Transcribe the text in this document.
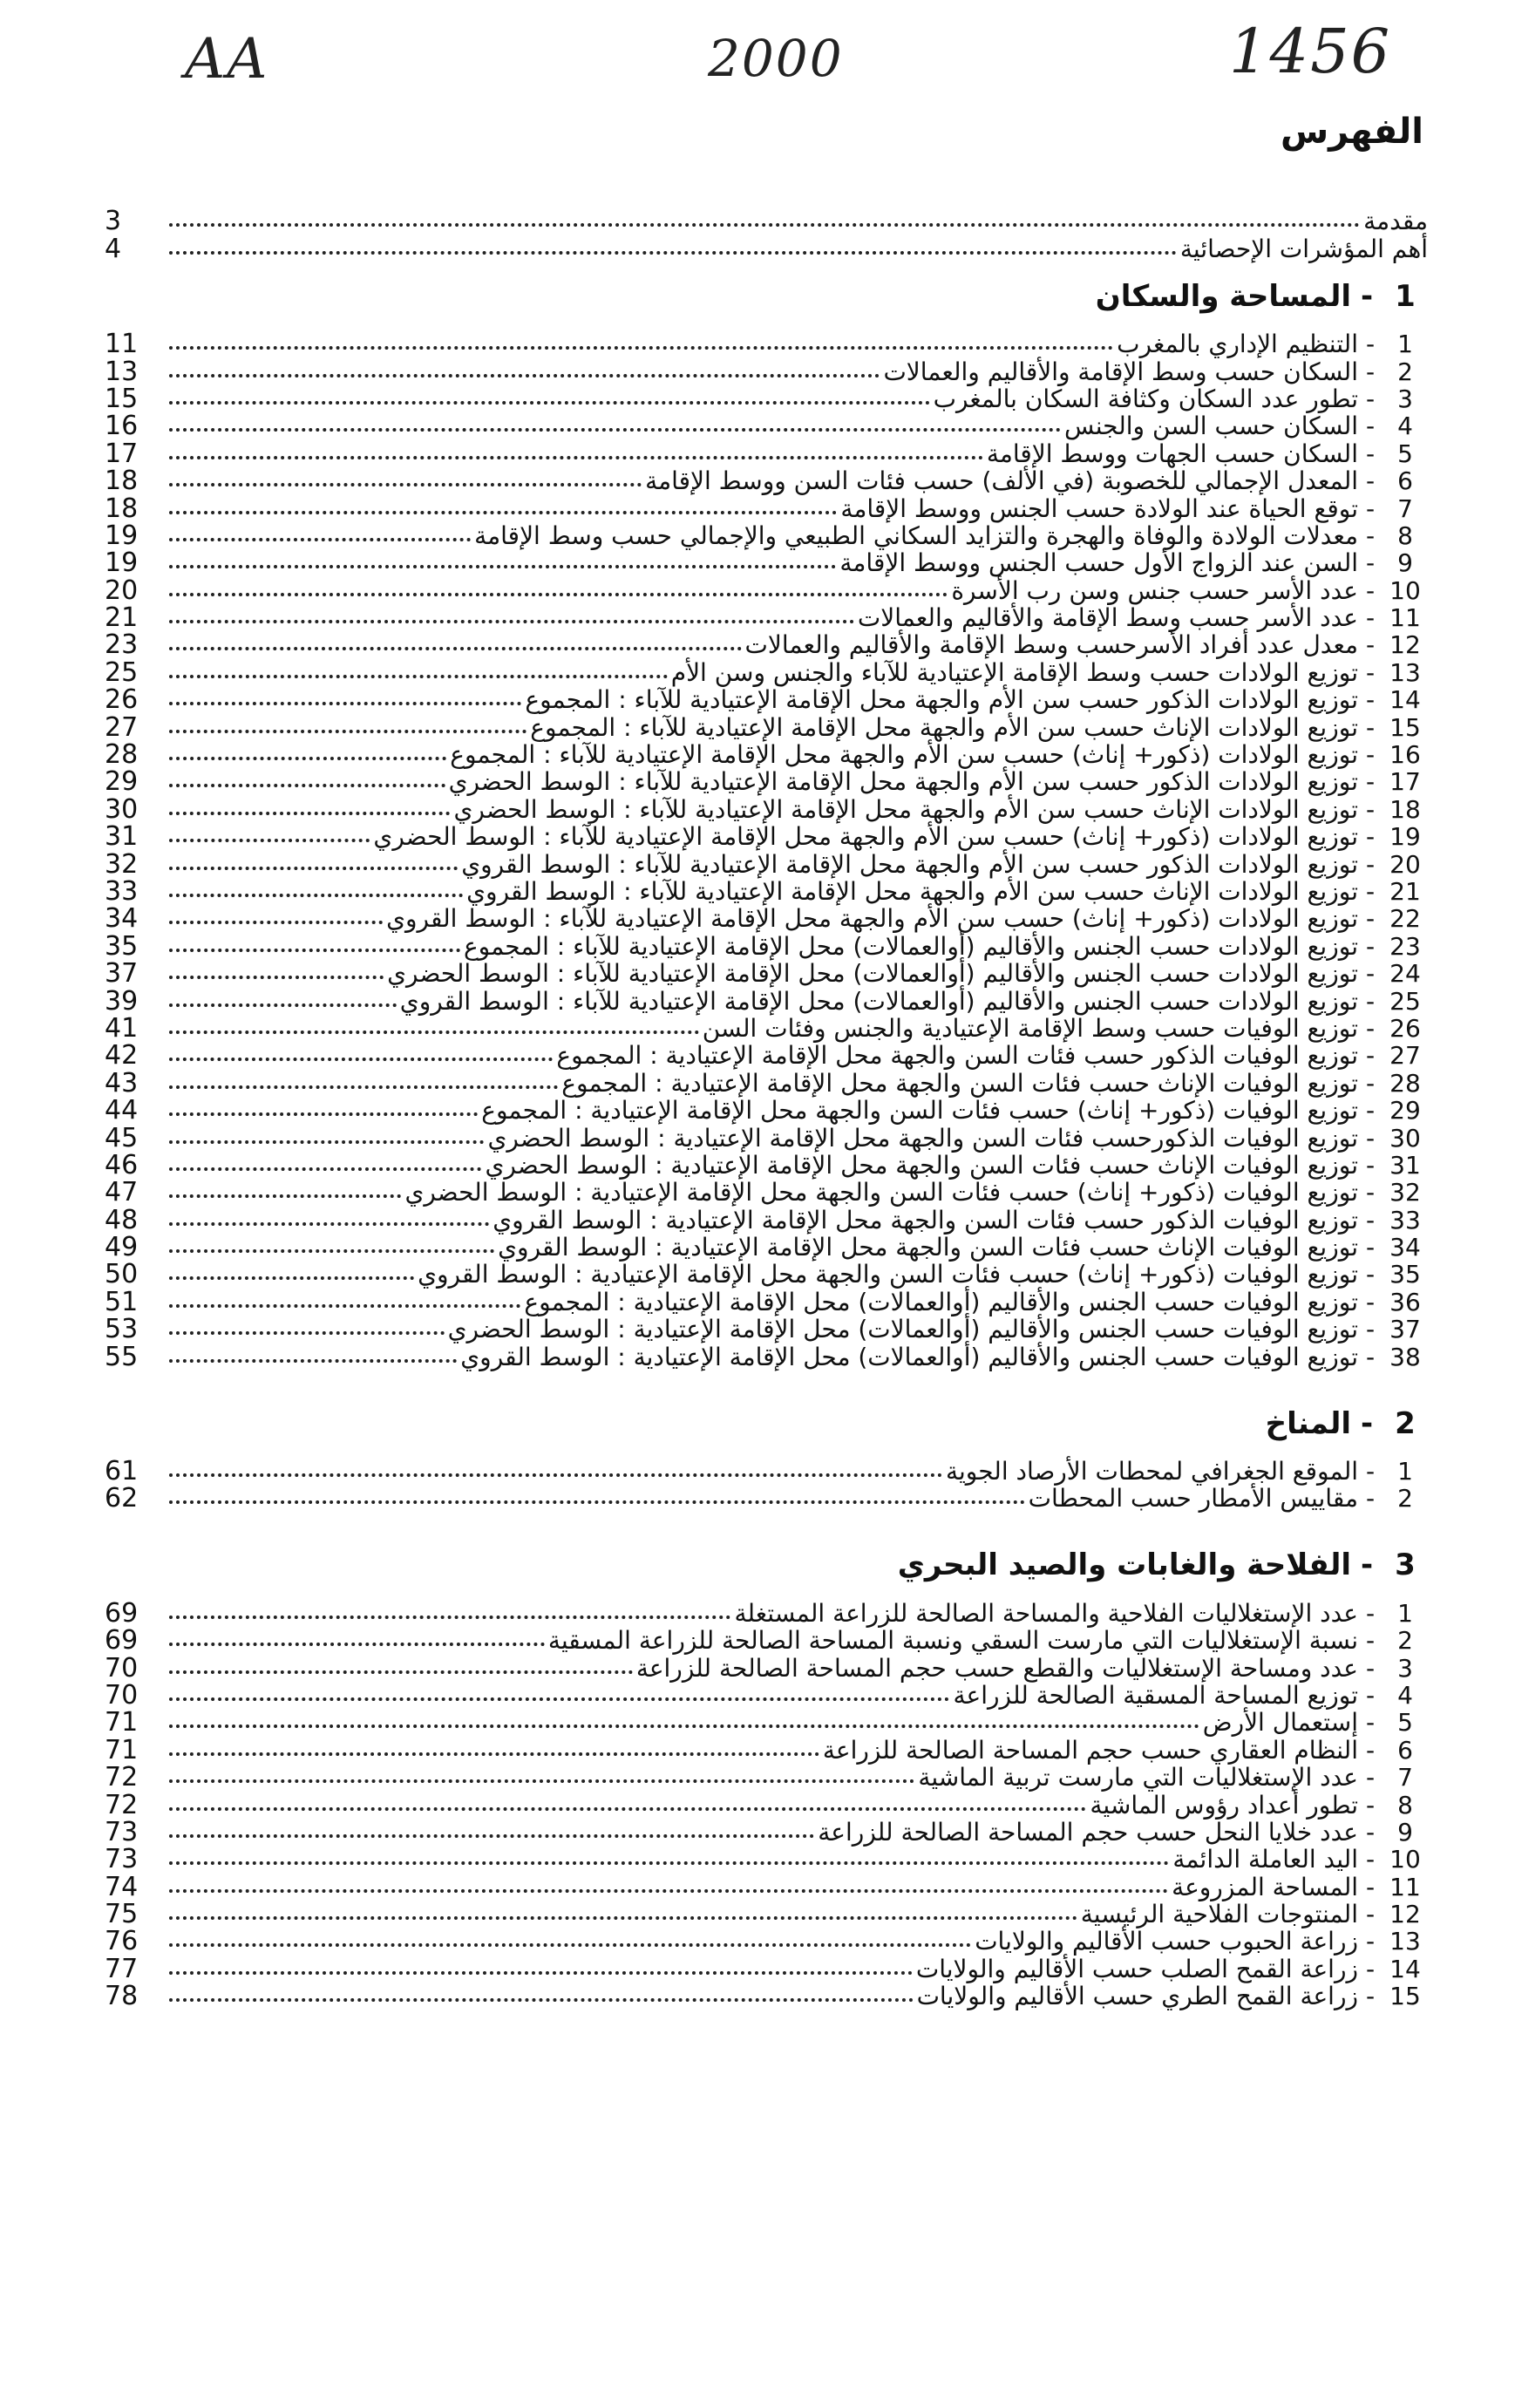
AA	2000	1456
الفهرس
مقدمة
3
أهم المؤشرات الإحصائية
4
1
-
المساحة والسكان
1
-
التنظيم الإداري بالمغرب
11
2
-
السكان حسب وسط الإقامة والأقاليم والعمالات
13
3
-
تطور عدد السكان وكثافة السكان بالمغرب
15
4
-
السكان حسب السن والجنس
16
5
-
السكان حسب الجهات ووسط الإقامة
17
6
-
المعدل الإجمالي للخصوبة (في الألف) حسب فئات السن ووسط الإقامة
18
7
-
توقع الحياة عند الولادة حسب الجنس ووسط الإقامة
18
8
-
معدلات الولادة والوفاة والهجرة والتزايد السكاني الطبيعي والإجمالي حسب وسط الإقامة
19
9
-
السن عند الزواج الأول حسب الجنس ووسط الإقامة
19
10
-
عدد الأسر حسب جنس وسن رب الأسرة
20
11
-
عدد الأسر حسب وسط الإقامة والأقاليم والعمالات
21
12
-
معدل عدد أفراد الأسرحسب وسط الإقامة والأقاليم والعمالات
23
13
-
توزيع الولادات حسب وسط الإقامة الإعتيادية للآباء والجنس وسن الأم
25
14
-
توزيع الولادات الذكور حسب سن الأم والجهة محل الإقامة الإعتيادية للآباء : المجموع
26
15
-
توزيع الولادات الإناث حسب سن الأم والجهة محل الإقامة الإعتيادية للآباء : المجموع
27
16
-
توزيع الولادات (ذكور+ إناث) حسب سن الأم والجهة محل الإقامة الإعتيادية للآباء : المجموع
28
17
-
توزيع الولادات الذكور حسب سن الأم والجهة محل الإقامة الإعتيادية للآباء : الوسط الحضري
29
18
-
توزيع الولادات الإناث حسب سن الأم والجهة محل الإقامة الإعتيادية للآباء : الوسط الحضري
30
19
-
توزيع الولادات (ذكور+ إناث) حسب سن الأم والجهة محل الإقامة الإعتيادية للآباء : الوسط الحضري
31
20
-
توزيع الولادات الذكور حسب سن الأم والجهة محل الإقامة الإعتيادية للآباء : الوسط القروي
32
21
-
توزيع الولادات الإناث حسب سن الأم والجهة محل الإقامة الإعتيادية للآباء : الوسط القروي
33
22
-
توزيع الولادات (ذكور+ إناث) حسب سن الأم والجهة محل الإقامة الإعتيادية للآباء : الوسط القروي
34
23
-
توزيع الولادات حسب الجنس والأقاليم (أوالعمالات) محل الإقامة الإعتيادية للآباء : المجموع
35
24
-
توزيع الولادات حسب الجنس والأقاليم (أوالعمالات) محل الإقامة الإعتيادية للآباء : الوسط الحضري
37
25
-
توزيع الولادات حسب الجنس والأقاليم (أوالعمالات) محل الإقامة الإعتيادية للآباء : الوسط القروي
39
26
-
توزيع الوفيات حسب وسط الإقامة الإعتيادية والجنس وفئات السن
41
27
-
توزيع الوفيات الذكور حسب فئات السن والجهة محل الإقامة الإعتيادية : المجموع
42
28
-
توزيع الوفيات الإناث حسب فئات السن والجهة محل الإقامة الإعتيادية : المجموع
43
29
-
توزيع الوفيات (ذكور+ إناث) حسب فئات السن والجهة محل الإقامة الإعتيادية : المجموع
44
30
-
توزيع الوفيات الذكورحسب فئات السن والجهة محل الإقامة الإعتيادية : الوسط الحضري
45
31
-
توزيع الوفيات الإناث حسب فئات السن والجهة محل الإقامة الإعتيادية : الوسط الحضري
46
32
-
توزيع الوفيات (ذكور+ إناث) حسب فئات السن والجهة محل الإقامة الإعتيادية : الوسط الحضري
47
33
-
توزيع الوفيات الذكور حسب فئات السن والجهة محل الإقامة الإعتيادية : الوسط القروي
48
34
-
توزيع الوفيات الإناث حسب فئات السن والجهة محل الإقامة الإعتيادية : الوسط القروي
49
35
-
توزيع الوفيات (ذكور+ إناث) حسب فئات السن والجهة محل الإقامة الإعتيادية : الوسط القروي
50
36
-
توزيع الوفيات حسب الجنس والأقاليم (أوالعمالات) محل الإقامة الإعتيادية : المجموع
51
37
-
توزيع الوفيات حسب الجنس والأقاليم (أوالعمالات) محل الإقامة الإعتيادية : الوسط الحضري
53
38
-
توزيع الوفيات حسب الجنس والأقاليم (أوالعمالات) محل الإقامة الإعتيادية : الوسط القروي
55
2
-
المناخ
1
-
الموقع الجغرافي لمحطات الأرصاد الجوية
61
2
-
مقاييس الأمطار حسب المحطات
62
3
-
الفلاحة والغابات والصيد البحري
1
-
عدد الإستغلاليات الفلاحية والمساحة الصالحة للزراعة المستغلة
69
2
-
نسبة الإستغلاليات التي مارست السقي ونسبة المساحة الصالحة للزراعة المسقية
69
3
-
عدد ومساحة الإستغلاليات والقطع حسب حجم المساحة الصالحة للزراعة
70
4
-
توزيع المساحة المسقية الصالحة للزراعة
70
5
-
إستعمال الأرض
71
6
-
النظام العقاري حسب حجم المساحة الصالحة للزراعة
71
7
-
عدد الإستغلاليات التي مارست تربية الماشية
72
8
-
تطور أعداد رؤوس الماشية
72
9
-
عدد خلايا النحل حسب حجم المساحة الصالحة للزراعة
73
10
-
اليد العاملة الدائمة
73
11
-
المساحة المزروعة
74
12
-
المنتوجات الفلاحية الرئيسية
75
13
-
زراعة الحبوب حسب الأقاليم والولايات
76
14
-
زراعة القمح الصلب حسب الأقاليم والولايات
77
15
-
زراعة القمح الطري حسب الأقاليم والولايات
78
